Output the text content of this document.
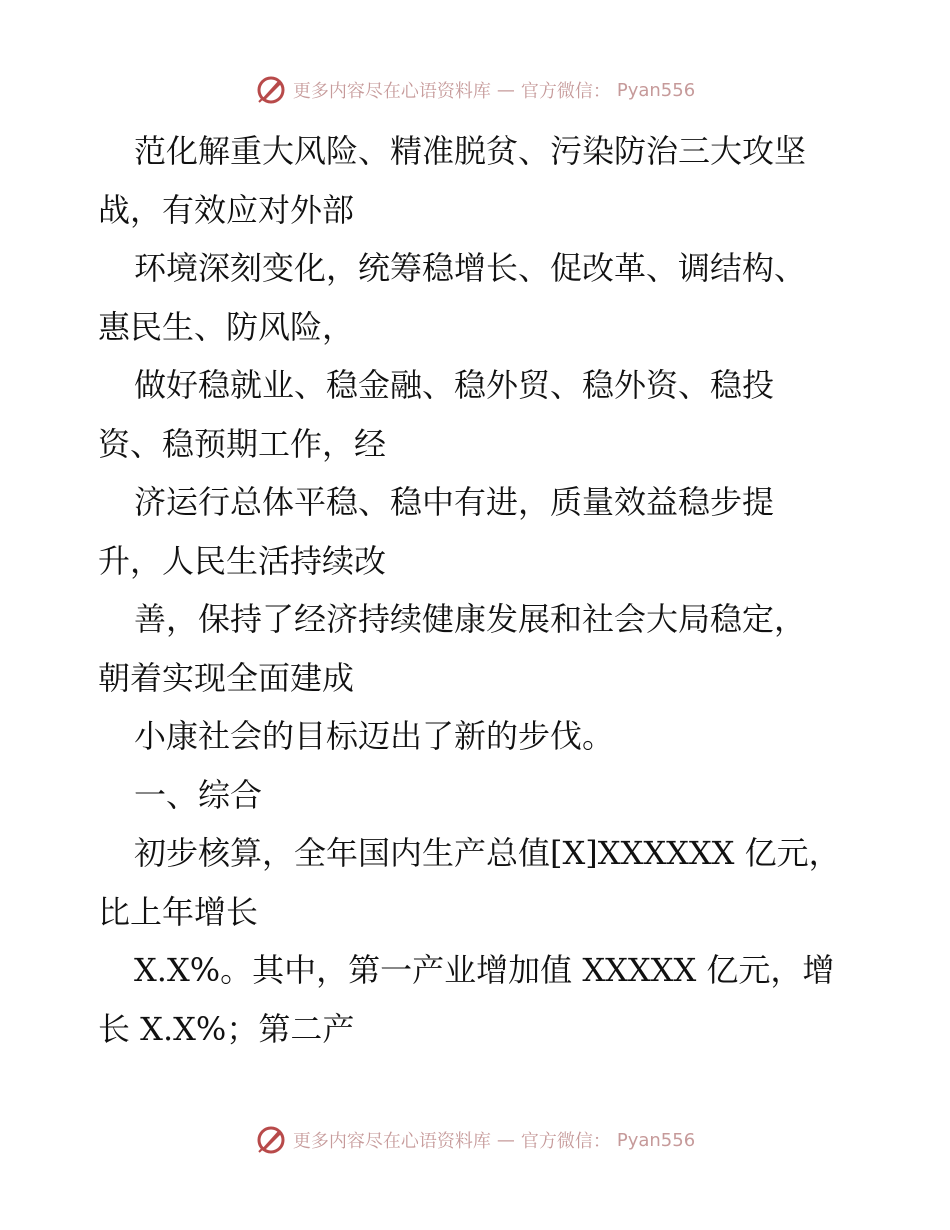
更多内容尽在心语资料库 — 官方微信： Pyan556

范化解重大风险、精准脱贫、污染防治三大攻坚
战，有效应对外部

环境深刻变化，统筹稳增长、促改革、调结构、
惠民生、防风险，

做好稳就业、稳金融、稳外贸、稳外资、稳投
资、稳预期工作，经

济运行总体平稳、稳中有进，质量效益稳步提
升，人民生活持续改

善，保持了经济持续健康发展和社会大局稳定，
朝着实现全面建成

小康社会的目标迈出了新的步伐。

一、综合

初步核算，全年国内生产总值[X]XXXXXX 亿元，
比上年增长

X.X%。其中，第一产业增加值 XXXXX 亿元，增
长 X.X%；第二产

更多内容尽在心语资料库 — 官方微信： Pyan556
